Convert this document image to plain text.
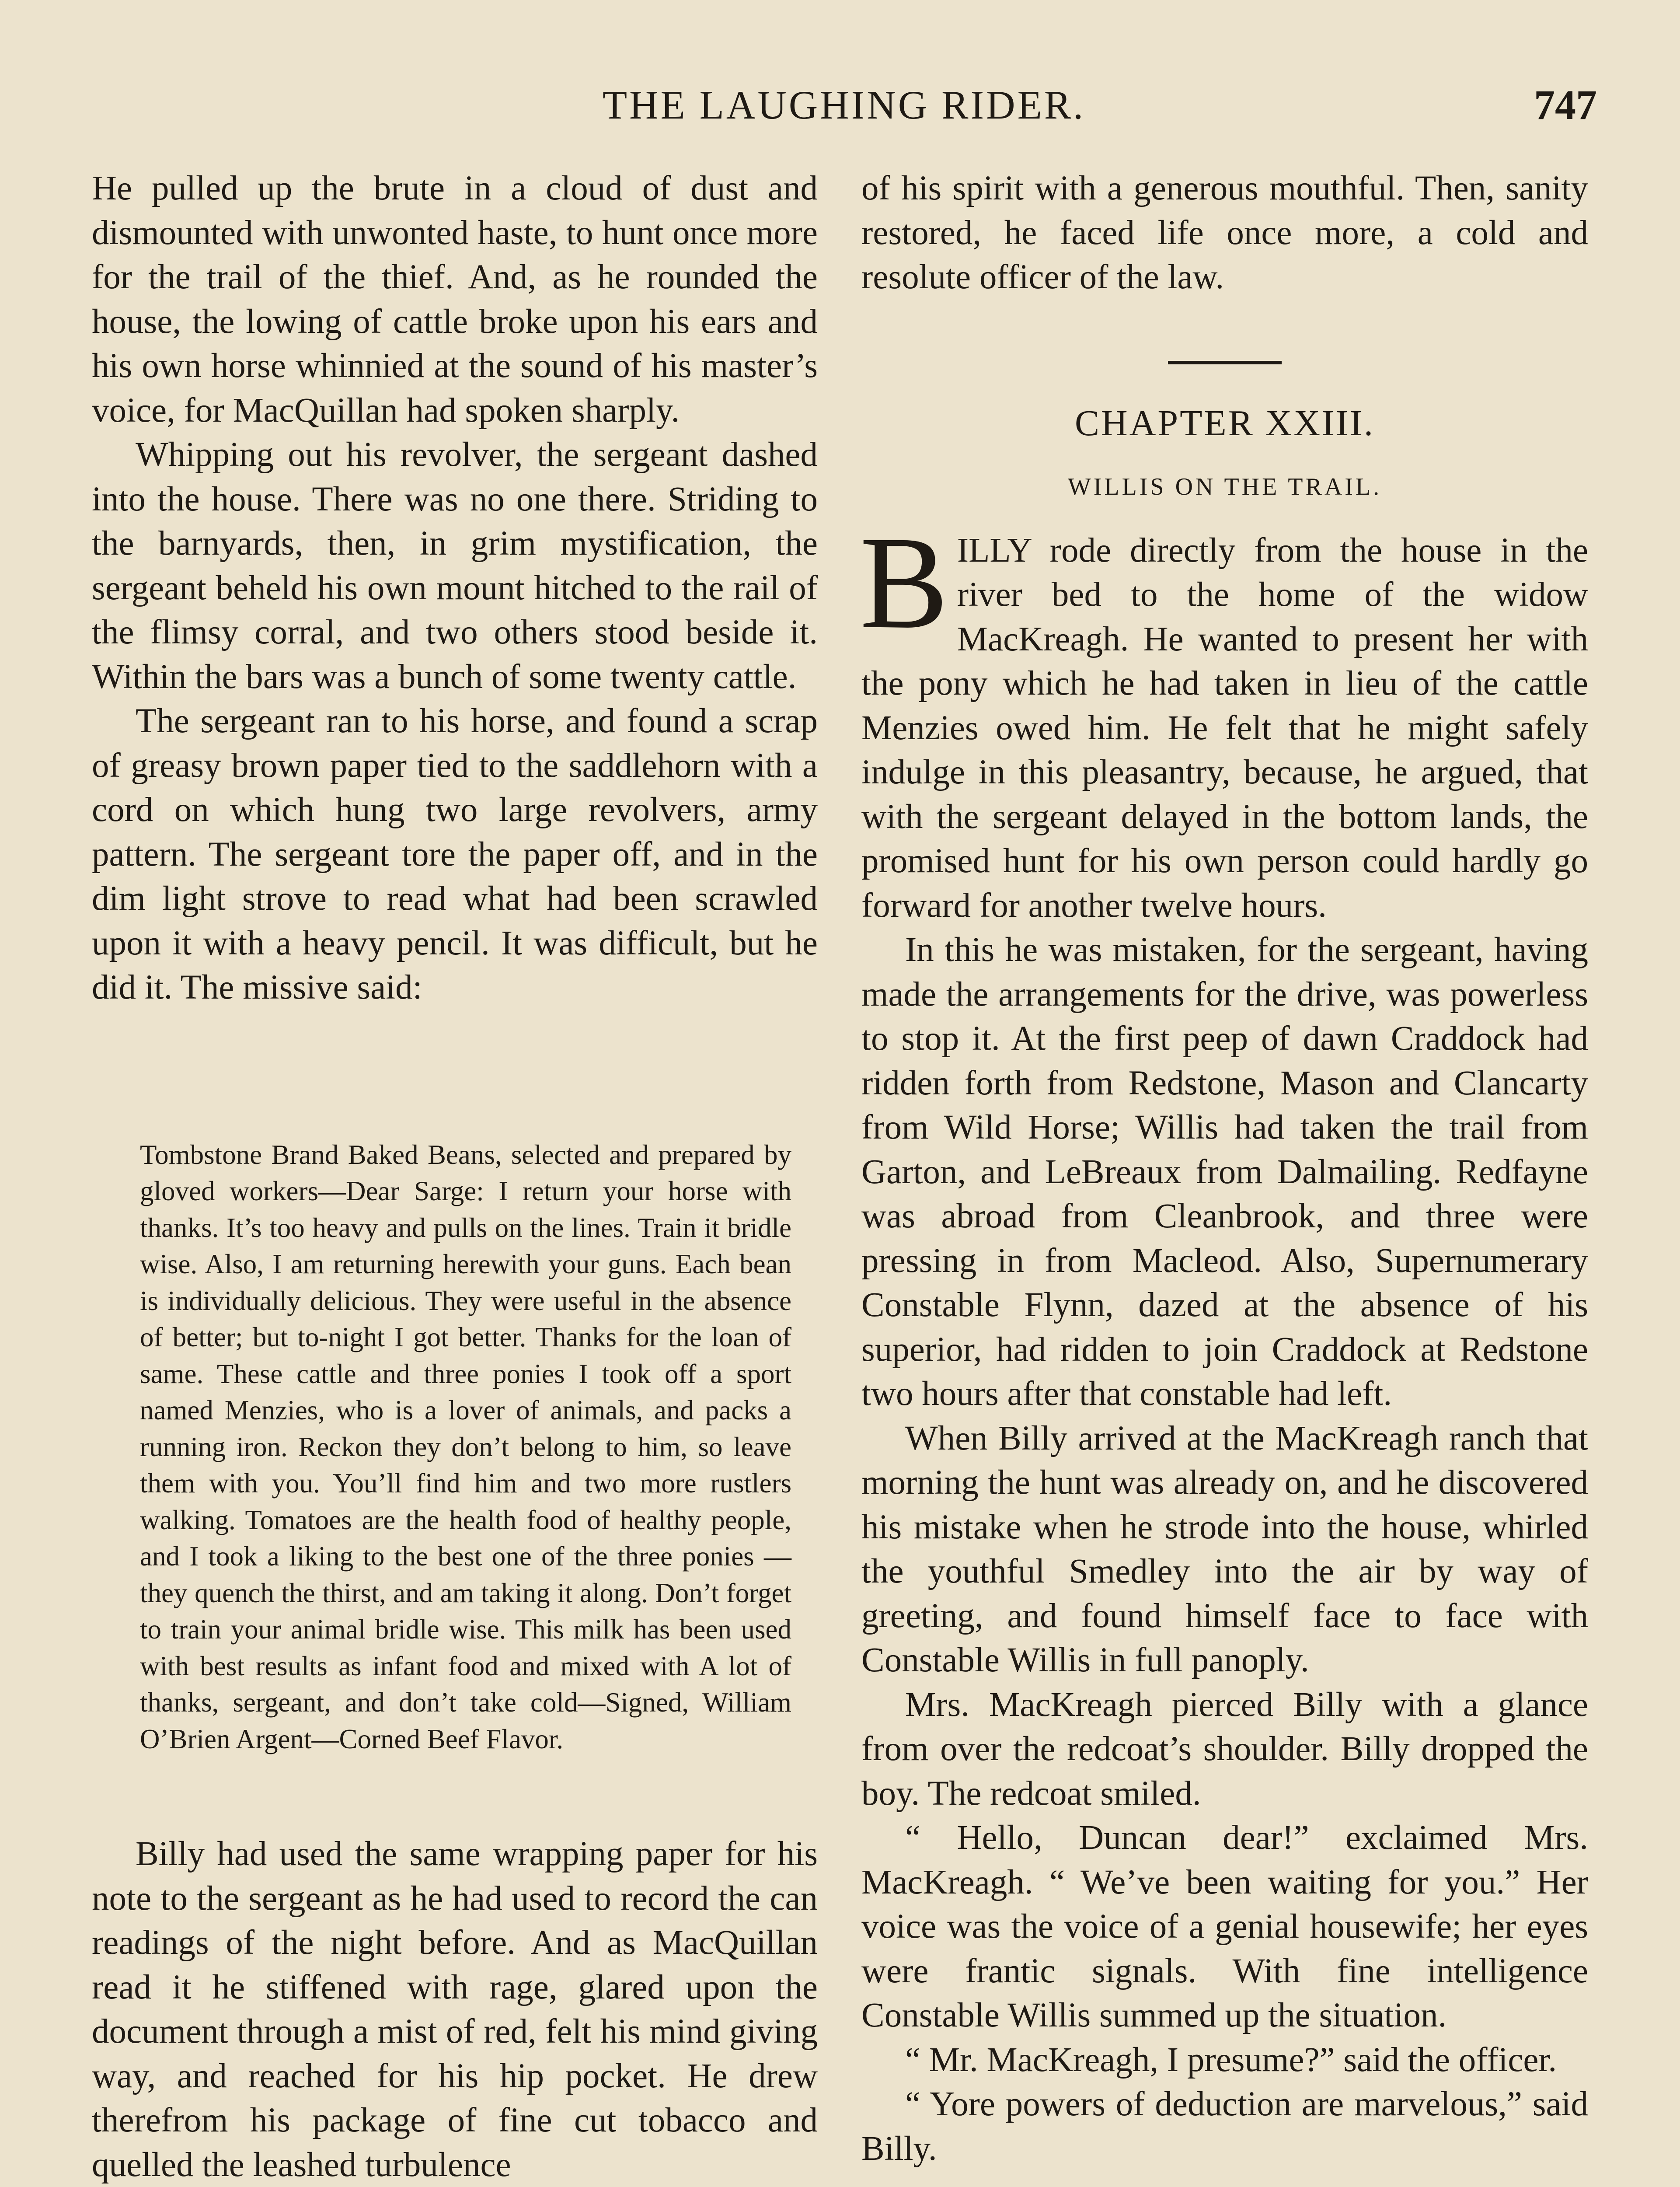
THE LAUGHING RIDER.	747

He pulled up the brute in a cloud of dust and dismounted with unwonted haste, to hunt once more for the trail of the thief. And, as he rounded the house, the lowing of cattle broke upon his ears and his own horse whinnied at the sound of his master’s voice, for MacQuillan had spoken sharply.

Whipping out his revolver, the sergeant dashed into the house. There was no one there. Striding to the barnyards, then, in grim mystification, the sergeant beheld his own mount hitched to the rail of the flimsy corral, and two others stood beside it. Within the bars was a bunch of some twenty cattle.

The sergeant ran to his horse, and found a scrap of greasy brown paper tied to the saddlehorn with a cord on which hung two large revolvers, army pattern. The sergeant tore the paper off, and in the dim light strove to read what had been scrawled upon it with a heavy pencil. It was difficult, but he did it. The missive said:

Tombstone Brand Baked Beans, selected and prepared by gloved workers—Dear Sarge: I return your horse with thanks. It’s too heavy and pulls on the lines. Train it bridle wise. Also, I am returning herewith your guns. Each bean is individually delicious. They were useful in the absence of better; but to-night I got better. Thanks for the loan of same. These cattle and three ponies I took off a sport named Menzies, who is a lover of animals, and packs a running iron. Reckon they don’t belong to him, so leave them with you. You’ll find him and two more rustlers walking. Tomatoes are the health food of healthy people, and I took a liking to the best one of the three ponies —they quench the thirst, and am taking it along. Don’t forget to train your animal bridle wise. This milk has been used with best results as infant food and mixed with A lot of thanks, sergeant, and don’t take cold—Signed, William O’Brien Argent—Corned Beef Flavor.

Billy had used the same wrapping paper for his note to the sergeant as he had used to record the can readings of the night before. And as MacQuillan read it he stiffened with rage, glared upon the document through a mist of red, felt his mind giving way, and reached for his hip pocket. He drew therefrom his package of fine cut tobacco and quelled the leashed turbulence

of his spirit with a generous mouthful. Then, sanity restored, he faced life once more, a cold and resolute officer of the law.

CHAPTER XXIII.
WILLIS ON THE TRAIL.

BILLY rode directly from the house in the river bed to the home of the widow MacKreagh. He wanted to present her with the pony which he had taken in lieu of the cattle Menzies owed him. He felt that he might safely indulge in this pleasantry, because, he argued, that with the sergeant delayed in the bottom lands, the promised hunt for his own person could hardly go forward for another twelve hours.

In this he was mistaken, for the sergeant, having made the arrangements for the drive, was powerless to stop it. At the first peep of dawn Craddock had ridden forth from Redstone, Mason and Clancarty from Wild Horse; Willis had taken the trail from Garton, and LeBreaux from Dalmailing. Redfayne was abroad from Cleanbrook, and three were pressing in from Macleod. Also, Supernumerary Constable Flynn, dazed at the absence of his superior, had ridden to join Craddock at Redstone two hours after that constable had left.

When Billy arrived at the MacKreagh ranch that morning the hunt was already on, and he discovered his mistake when he strode into the house, whirled the youthful Smedley into the air by way of greeting, and found himself face to face with Constable Willis in full panoply.

Mrs. MacKreagh pierced Billy with a glance from over the redcoat’s shoulder. Billy dropped the boy. The redcoat smiled.

“ Hello, Duncan dear!” exclaimed Mrs. MacKreagh. “ We’ve been waiting for you.” Her voice was the voice of a genial housewife; her eyes were frantic signals. With fine intelligence Constable Willis summed up the situation.

“ Mr. MacKreagh, I presume?” said the officer.

“ Yore powers of deduction are marvelous,” said Billy.
